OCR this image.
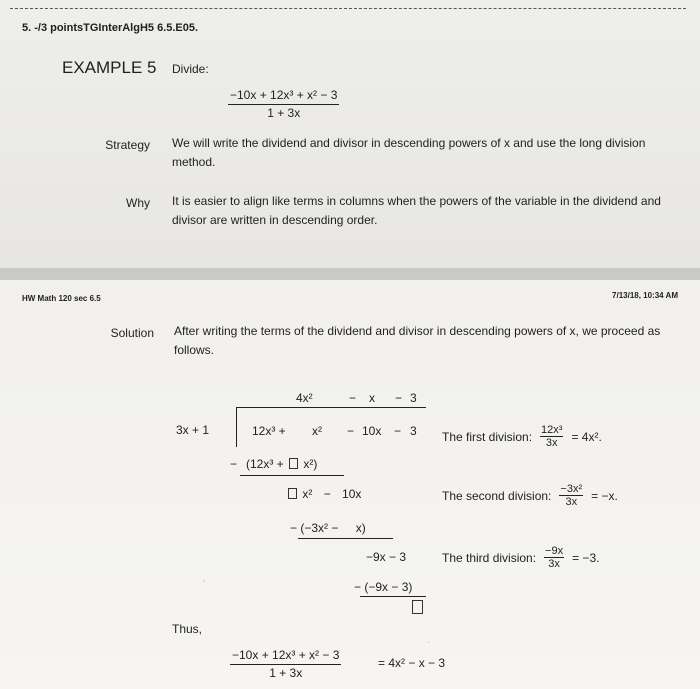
5. -/3 pointsTGInterAlgH5 6.5.E05.
EXAMPLE 5 Divide:
$\frac{\text{−10x + 12x³ + x² − 3}}{1 + 3x}$
Strategy We will write the dividend and divisor in descending powers of x and use the long division method.
Why It is easier to align like terms in columns when the powers of the variable in the dividend and divisor are written in descending order.
HW Math 120 sec 6.5	7/13/18, 10:34 AM
Solution After writing the terms of the dividend and divisor in descending powers of x, we proceed as follows.
4x²	− x − 3
3x + 1	12x³ + x² − 10x − 3
− (12x³ + x²)
x² − 10x
− (−3x² − x)
−9x − 3
− (−9x − 3)
◦
·
The first division: $\frac{\text{12x³}}{3x} = 4x^2$.
The second division: $\frac{\text{−3x²}}{3x} = -x$.
The third division: $\frac{-9x}{3x} = -3$.
Thus,
$\frac{\text{−10x + 12x³ + x² − 3}}{1 + 3x}$	= 4x² − x − 3
